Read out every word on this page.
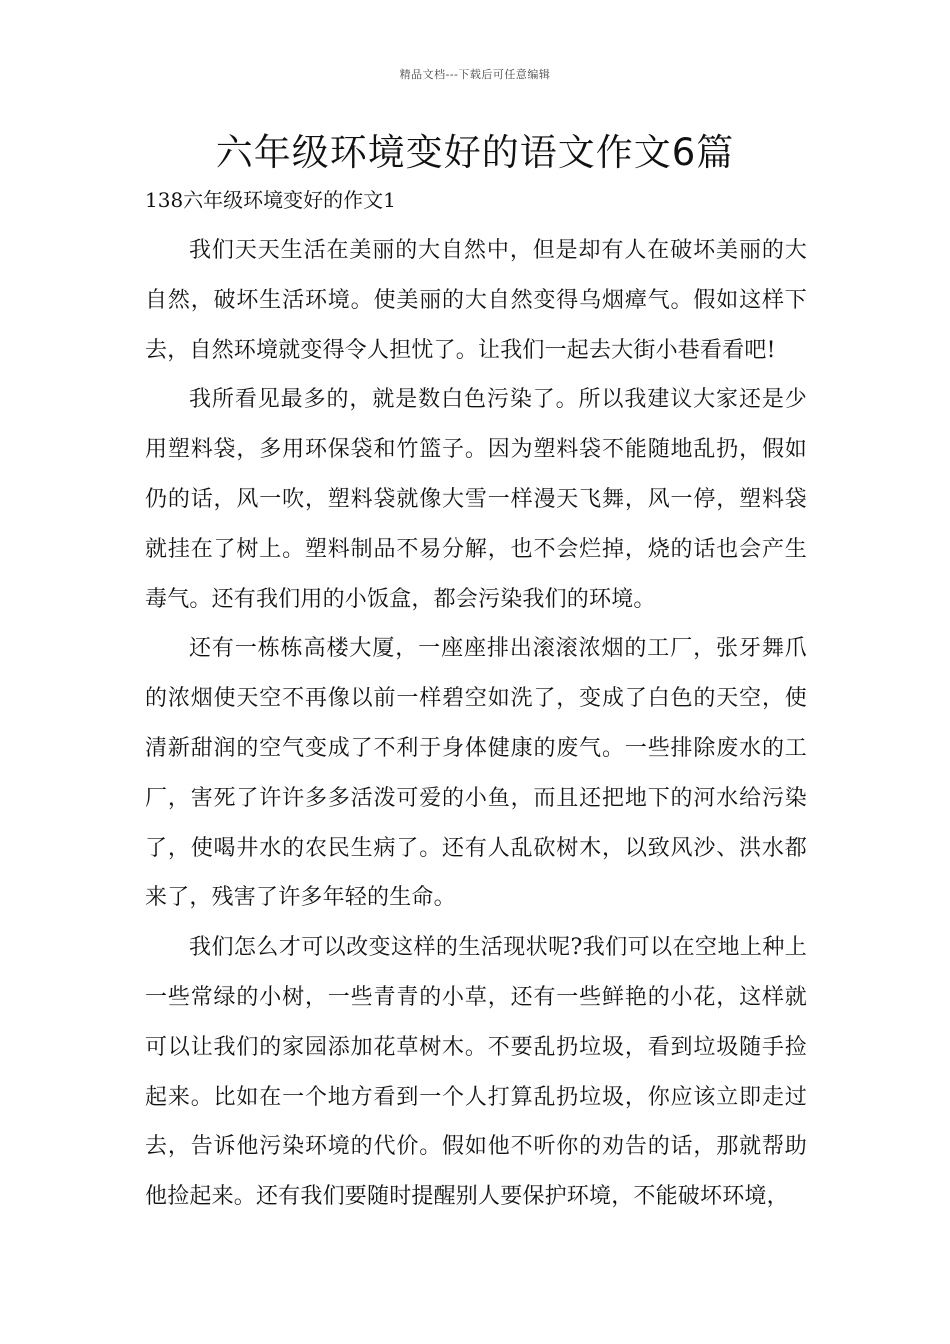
精品文档---下载后可任意编辑
六年级环境变好的语文作文6篇
138六年级环境变好的作文1

我们天天生活在美丽的大自然中，但是却有人在破坏美丽的大自然，破坏生活环境。使美丽的大自然变得乌烟瘴气。假如这样下去，自然环境就变得令人担忧了。让我们一起去大街小巷看看吧!

我所看见最多的，就是数白色污染了。所以我建议大家还是少用塑料袋，多用环保袋和竹篮子。因为塑料袋不能随地乱扔，假如仍的话，风一吹，塑料袋就像大雪一样漫天飞舞，风一停，塑料袋就挂在了树上。塑料制品不易分解，也不会烂掉，烧的话也会产生毒气。还有我们用的小饭盒，都会污染我们的环境。

还有一栋栋高楼大厦，一座座排出滚滚浓烟的工厂，张牙舞爪的浓烟使天空不再像以前一样碧空如洗了，变成了白色的天空，使清新甜润的空气变成了不利于身体健康的废气。一些排除废水的工厂，害死了许许多多活泼可爱的小鱼，而且还把地下的河水给污染了，使喝井水的农民生病了。还有人乱砍树木，以致风沙、洪水都来了，残害了许多年轻的生命。

我们怎么才可以改变这样的生活现状呢?我们可以在空地上种上一些常绿的小树，一些青青的小草，还有一些鲜艳的小花，这样就可以让我们的家园添加花草树木。不要乱扔垃圾，看到垃圾随手捡起来。比如在一个地方看到一个人打算乱扔垃圾，你应该立即走过去，告诉他污染环境的代价。假如他不听你的劝告的话，那就帮助他捡起来。还有我们要随时提醒别人要保护环境，不能破坏环境，
